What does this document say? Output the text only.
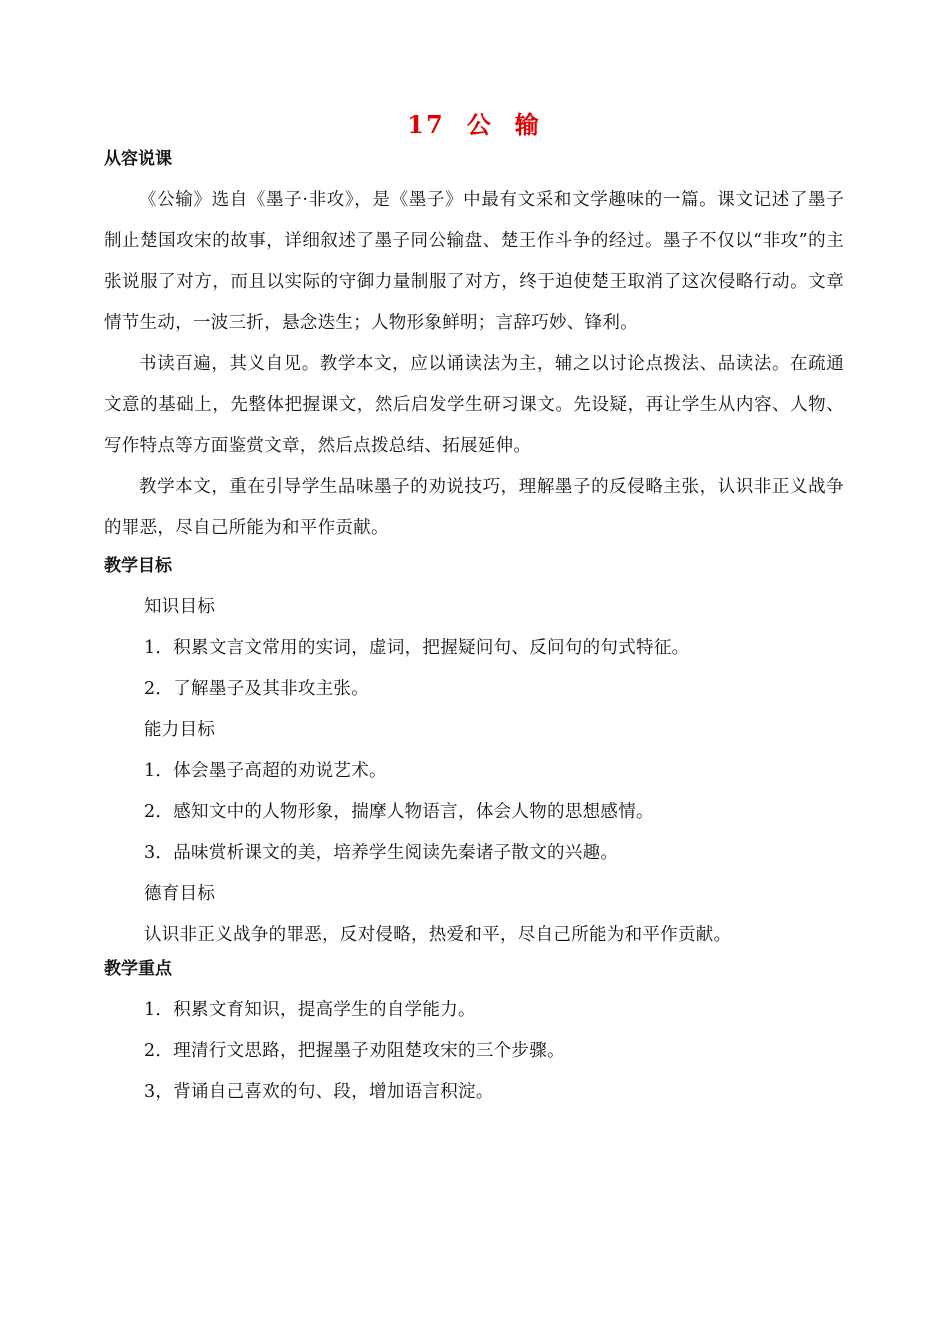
17 公 输
从容说课
《公输》选自《墨子·非攻》，是《墨子》中最有文采和文学趣味的一篇。课文记述了墨子制止楚国攻宋的故事，详细叙述了墨子同公输盘、楚王作斗争的经过。墨子不仅以“非攻”的主张说服了对方，而且以实际的守御力量制服了对方，终于迫使楚王取消了这次侵略行动。文章情节生动，一波三折，悬念迭生；人物形象鲜明；言辞巧妙、锋利。
书读百遍，其义自见。教学本文，应以诵读法为主，辅之以讨论点拨法、品读法。在疏通文意的基础上，先整体把握课文，然后启发学生研习课文。先设疑，再让学生从内容、人物、写作特点等方面鉴赏文章，然后点拨总结、拓展延伸。
教学本文，重在引导学生品味墨子的劝说技巧，理解墨子的反侵略主张，认识非正义战争的罪恶，尽自己所能为和平作贡献。
教学目标
知识目标
1．积累文言文常用的实词，虚词，把握疑问句、反问句的句式特征。
2．了解墨子及其非攻主张。
能力目标
1．体会墨子高超的劝说艺术。
2．感知文中的人物形象，揣摩人物语言，体会人物的思想感情。
3．品味赏析课文的美，培养学生阅读先秦诸子散文的兴趣。
德育目标
认识非正义战争的罪恶，反对侵略，热爱和平，尽自己所能为和平作贡献。
教学重点
1．积累文育知识，提高学生的自学能力。
2．理清行文思路，把握墨子劝阻楚攻宋的三个步骤。
3，背诵自己喜欢的句、段，增加语言积淀。
